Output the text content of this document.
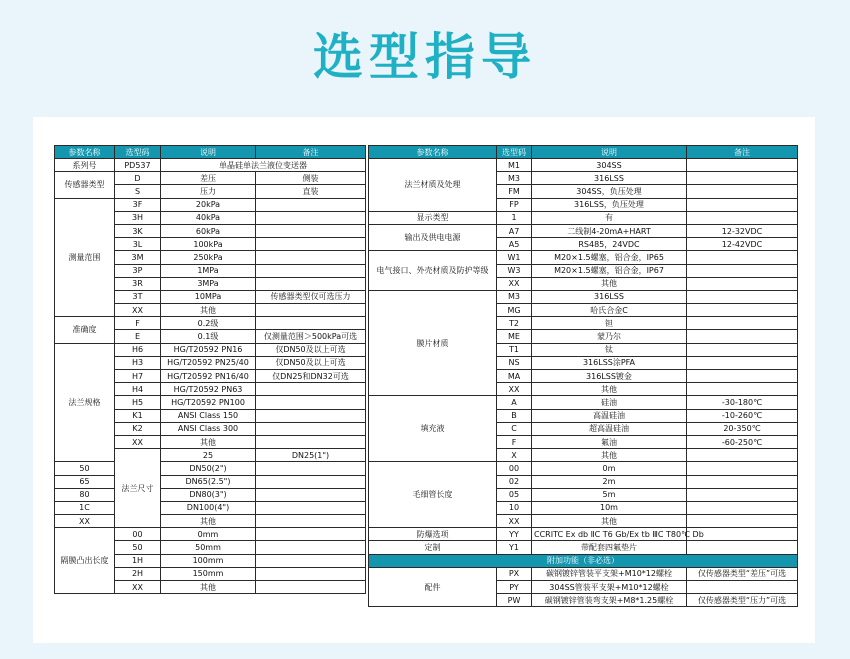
选型指导
参数名称	选型码	说明	备注	
系列号	PD537	单晶硅单法兰液位变送器		
传感器类型	D	差压	侧装	
	S	压力	直装	
测量范围	3F	20kPa		
	3H	40kPa		
	3K	60kPa		
	3L	100kPa		
	3M	250kPa		
	3P	1MPa		
	3R	3MPa		
	3T	10MPa	传感器类型仅可选压力	
	XX	其他		
准确度	F	0.2级		
	E	0.1级	仅测量范围＞500kPa可选	
法兰规格	H6	HG/T20592 PN16	仅DN50及以上可选	
	H3	HG/T20592 PN25/40	仅DN50及以上可选	
	H7	HG/T20592 PN16/40	仅DN25和DN32可选	
	H4	HG/T20592 PN63		
	H5	HG/T20592 PN100		
	K1	ANSI Class 150		
	K2	ANSI Class 300		
	XX	其他		
	法兰尺寸	25	DN25(1")	
50		DN50(2")		
65		DN65(2.5")		
80		DN80(3")		
1C		DN100(4")		
XX		其他		
隔膜凸出长度	00	0mm		
	50	50mm		
	1H	100mm		
	2H	150mm		
	XX	其他		
参数名称	选型码	说明	备注
法兰材质及处理	M1	304SS	
	M3	316LSS	
	FM	304SS，负压处理	
	FP	316LSS，负压处理	
显示类型	1	有	
输出及供电电源	A7	二线制4-20mA+HART	12-32VDC
	A5	RS485，24VDC	12-42VDC
电气接口、外壳材质及防护等级	W1	M20×1.5螺塞，铝合金，IP65	
	W3	M20×1.5螺塞，铝合金，IP67	
	XX	其他	
膜片材质	M3	316LSS	
	MG	哈氏合金C	
	T2	钽	
	ME	蒙乃尔	
	T1	钛	
	NS	316LSS涂PFA	
	MA	316LSS镀金	
	XX	其他	
填充液	A	硅油	-30-180℃
	B	高温硅油	-10-260℃
	C	超高温硅油	20-350℃
	F	氟油	-60-250℃
	X	其他	
毛细管长度	00	0m	
	02	2m	
	05	5m	
	10	10m	
	XX	其他	
防爆选项	YY	CCRITC Ex db ⅡC T6 Gb/Ex tb ⅢC T80℃ Db	
定制	Y1	带配套四氟垫片	
附加功能（非必选）			
配件	PX	碳钢镀锌管装平支架+M10*12螺栓	仅传感器类型“差压”可选
	PY	304SS管装平支架+M10*12螺栓	
	PW	碳钢镀锌管装弯支架+M8*1.25螺栓	仅传感器类型“压力”可选
